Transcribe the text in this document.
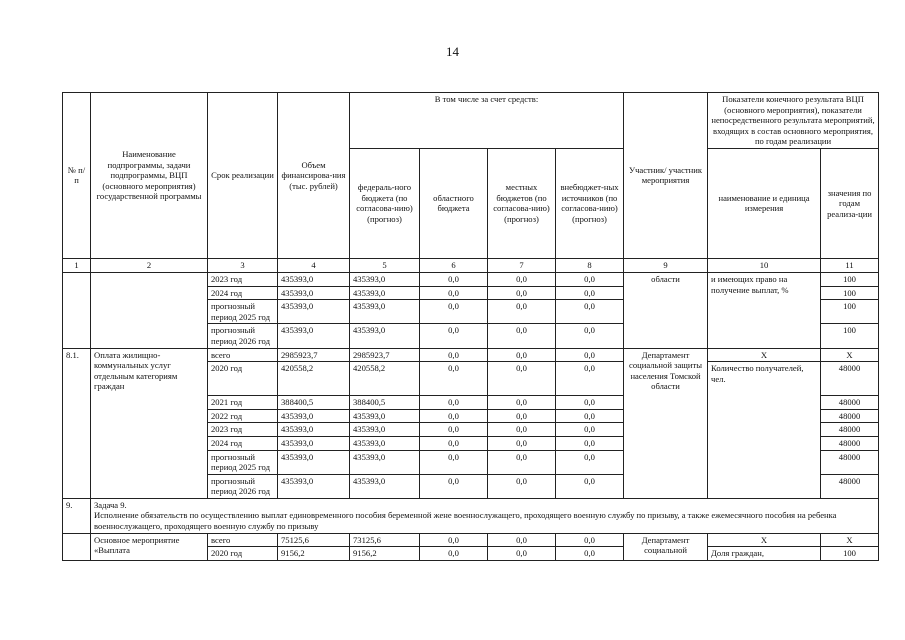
14
№ п/п	Наименование подпрограммы, задачи подпрограммы, ВЦП (основного мероприятия) государственной программы	Срок реализации	Объем финансирова-ния (тыс. рублей)	В том числе за счет средств:				Участник/ участник мероприятия	Показатели конечного результата ВЦП (основного мероприятия), показатели непосредственного результата мероприятий, входящих в состав основного мероприятия, по годам реализации	
				федераль-ного бюджета (по согласова-нию) (прогноз)	областного бюджета	местных бюджетов (по согласова-нию) (прогноз)	внебюджет-ных источников (по согласова-нию) (прогноз)		наименование и единица измерения	значения по годам реализа-ции
1	2	3	4	5	6	7	8	9	10	11
		2023 год	435393,0	435393,0	0,0	0,0	0,0	области	и имеющих право на получение выплат, %	100
		2024 год	435393,0	435393,0	0,0	0,0	0,0			100
		прогнозный период 2025 год	435393,0	435393,0	0,0	0,0	0,0			100
		прогнозный период 2026 год	435393,0	435393,0	0,0	0,0	0,0			100
8.1.	Оплата жилищно-коммунальных услуг отдельным категориям граждан	всего	2985923,7	2985923,7	0,0	0,0	0,0	Департамент социальной защиты населения Томской области	Х	Х
		2020 год	420558,2	420558,2	0,0	0,0	0,0		Количество получателей, чел.	48000
		2021 год	388400,5	388400,5	0,0	0,0	0,0			48000
		2022 год	435393,0	435393,0	0,0	0,0	0,0			48000
		2023 год	435393,0	435393,0	0,0	0,0	0,0			48000
		2024 год	435393,0	435393,0	0,0	0,0	0,0			48000
		прогнозный период 2025 год	435393,0	435393,0	0,0	0,0	0,0			48000
		прогнозный период 2026 год	435393,0	435393,0	0,0	0,0	0,0			48000
9.	Задача 9.
Исполнение обязательств по осуществлению выплат единовременного пособия беременной жене военнослужащего, проходящего военную службу по призыву, а также ежемесячного пособия на ребенка военнослужащего, проходящего военную службу по призыву									

	Основное мероприятие «Выплата	всего	75125,6	73125,6	0,0	0,0	0,0	Департамент социальной	Х	Х
		2020 год	9156,2	9156,2	0,0	0,0	0,0		Доля граждан,	100
